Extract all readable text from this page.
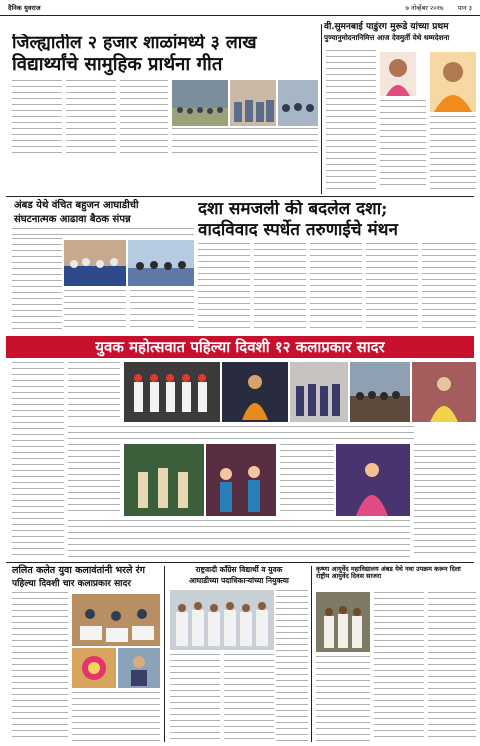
दैनिक युवराज	७ नोव्हेंबर २०१७ पान ३
जिल्ह्यातील २ हजार शाळांमध्ये ३ लाख
विद्यार्थ्यांचे सामुहिक प्रार्थना गीत
वी.सुमनबाई पाडुंरग मुरूडे यांच्या प्रथम
पुण्यानुमोदनानिमित्त आज देवमुर्ती येथे धम्मदेशना
अंबड येथे वंचित बहुजन आघाडीची
संघटनात्मक आढावा बैठक संपन्न	दशा समजली की बदलेल दशा;
वादविवाद स्पर्धेत तरुणाईचे मंथन
युवक महोत्सवात पहिल्या दिवशी १२ कलाप्रकार सादर
ललित कलेत युवा कलावंतांनी भरले रंग
पहिल्या दिवशी चार कलाप्रकार सादर
राष्ट्रवादी काँग्रेस विद्यार्थी व युवक
आघाडीच्या पदाधिकाऱ्यांच्या नियुक्त्या
कृष्णा आयुर्वेद महाविद्यालय अंबड येथे नवा उपक्रम करून दिला राष्ट्रीय आयुर्वेद दिवस साजरा
